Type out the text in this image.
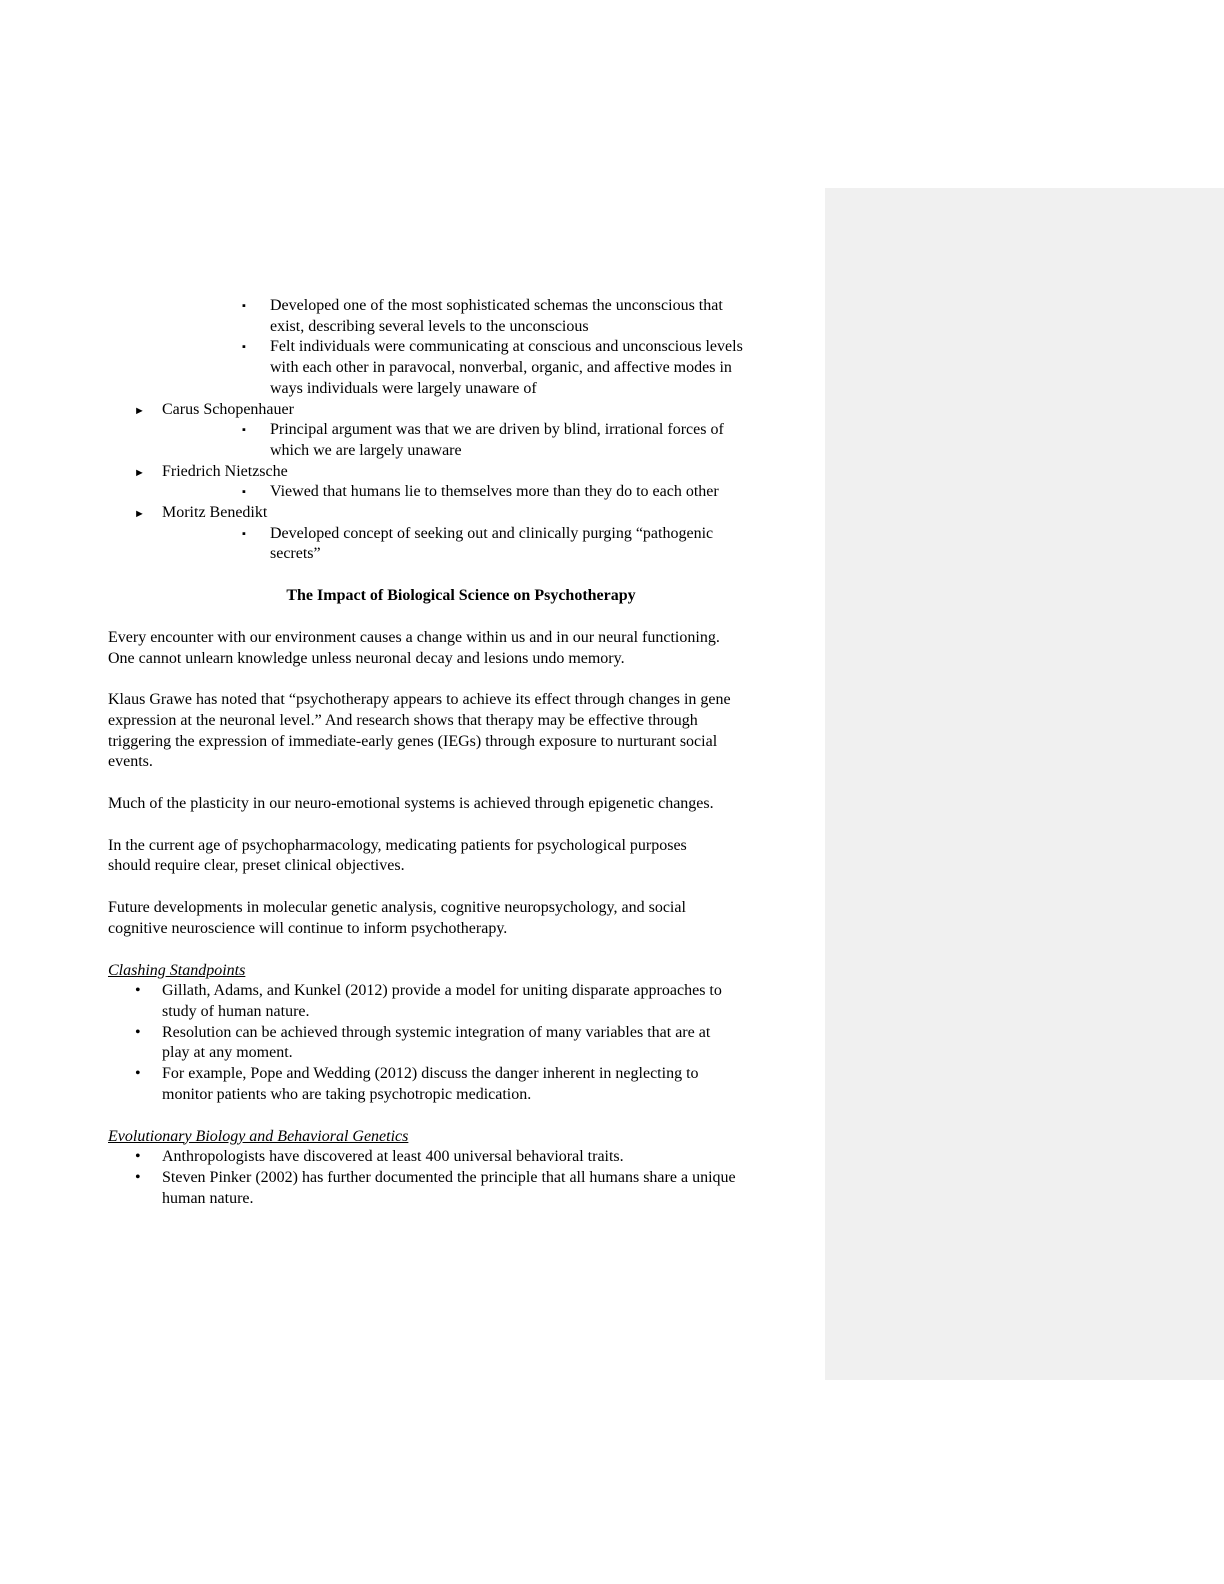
▪ Developed one of the most sophisticated schemas the unconscious that
exist, describing several levels to the unconscious
▪ Felt individuals were communicating at conscious and unconscious levels
with each other in paravocal, nonverbal, organic, and affective modes in
ways individuals were largely unaware of
► Carus Schopenhauer
▪ Principal argument was that we are driven by blind, irrational forces of
which we are largely unaware
► Friedrich Nietzsche
▪ Viewed that humans lie to themselves more than they do to each other
► Moritz Benedikt
▪ Developed concept of seeking out and clinically purging “pathogenic
secrets”
The Impact of Biological Science on Psychotherapy
Every encounter with our environment causes a change within us and in our neural functioning.
One cannot unlearn knowledge unless neuronal decay and lesions undo memory.
Klaus Grawe has noted that “psychotherapy appears to achieve its effect through changes in gene
expression at the neuronal level.” And research shows that therapy may be effective through
triggering the expression of immediate-early genes (IEGs) through exposure to nurturant social
events.
Much of the plasticity in our neuro-emotional systems is achieved through epigenetic changes.
In the current age of psychopharmacology, medicating patients for psychological purposes
should require clear, preset clinical objectives.
Future developments in molecular genetic analysis, cognitive neuropsychology, and social
cognitive neuroscience will continue to inform psychotherapy.
Clashing Standpoints
• Gillath, Adams, and Kunkel (2012) provide a model for uniting disparate approaches to
study of human nature.
• Resolution can be achieved through systemic integration of many variables that are at
play at any moment.
• For example, Pope and Wedding (2012) discuss the danger inherent in neglecting to
monitor patients who are taking psychotropic medication.
Evolutionary Biology and Behavioral Genetics
• Anthropologists have discovered at least 400 universal behavioral traits.
• Steven Pinker (2002) has further documented the principle that all humans share a unique
human nature.
